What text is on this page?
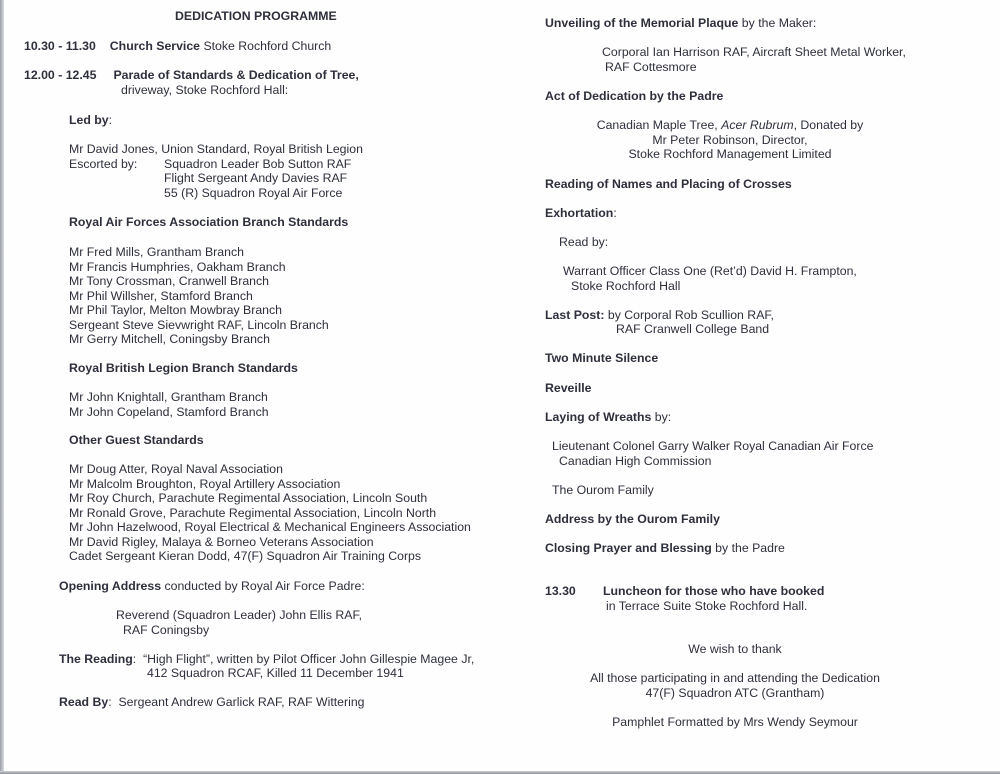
DEDICATION PROGRAMME
10.30 - 11.30 Church Service Stoke Rochford Church
12.00 - 12.45 Parade of Standards & Dedication of Tree,
driveway, Stoke Rochford Hall:
Led by:
Mr David Jones, Union Standard, Royal British Legion
Escorted by: Squadron Leader Bob Sutton RAF
Flight Sergeant Andy Davies RAF
55 (R) Squadron Royal Air Force
Royal Air Forces Association Branch Standards
Mr Fred Mills, Grantham Branch
Mr Francis Humphries, Oakham Branch
Mr Tony Crossman, Cranwell Branch
Mr Phil Willsher, Stamford Branch
Mr Phil Taylor, Melton Mowbray Branch
Sergeant Steve Sievwright RAF, Lincoln Branch
Mr Gerry Mitchell, Coningsby Branch
Royal British Legion Branch Standards
Mr John Knightall, Grantham Branch
Mr John Copeland, Stamford Branch
Other Guest Standards
Mr Doug Atter, Royal Naval Association
Mr Malcolm Broughton, Royal Artillery Association
Mr Roy Church, Parachute Regimental Association, Lincoln South
Mr Ronald Grove, Parachute Regimental Association, Lincoln North
Mr John Hazelwood, Royal Electrical & Mechanical Engineers Association
Mr David Rigley, Malaya & Borneo Veterans Association
Cadet Sergeant Kieran Dodd, 47(F) Squadron Air Training Corps
Opening Address conducted by Royal Air Force Padre:
Reverend (Squadron Leader) John Ellis RAF,
RAF Coningsby
The Reading: “High Flight”, written by Pilot Officer John Gillespie Magee Jr,
412 Squadron RCAF, Killed 11 December 1941
Read By: Sergeant Andrew Garlick RAF, RAF Wittering
Unveiling of the Memorial Plaque by the Maker:
Corporal Ian Harrison RAF, Aircraft Sheet Metal Worker,
RAF Cottesmore
Act of Dedication by the Padre
Canadian Maple Tree, Acer Rubrum, Donated by
Mr Peter Robinson, Director,
Stoke Rochford Management Limited
Reading of Names and Placing of Crosses
Exhortation:
Read by:
Warrant Officer Class One (Ret’d) David H. Frampton,
Stoke Rochford Hall
Last Post: by Corporal Rob Scullion RAF,
RAF Cranwell College Band
Two Minute Silence
Reveille
Laying of Wreaths by:
Lieutenant Colonel Garry Walker Royal Canadian Air Force
Canadian High Commission
The Ourom Family
Address by the Ourom Family
Closing Prayer and Blessing by the Padre
13.30 Luncheon for those who have booked
in Terrace Suite Stoke Rochford Hall.
We wish to thank
All those participating in and attending the Dedication
47(F) Squadron ATC (Grantham)
Pamphlet Formatted by Mrs Wendy Seymour
